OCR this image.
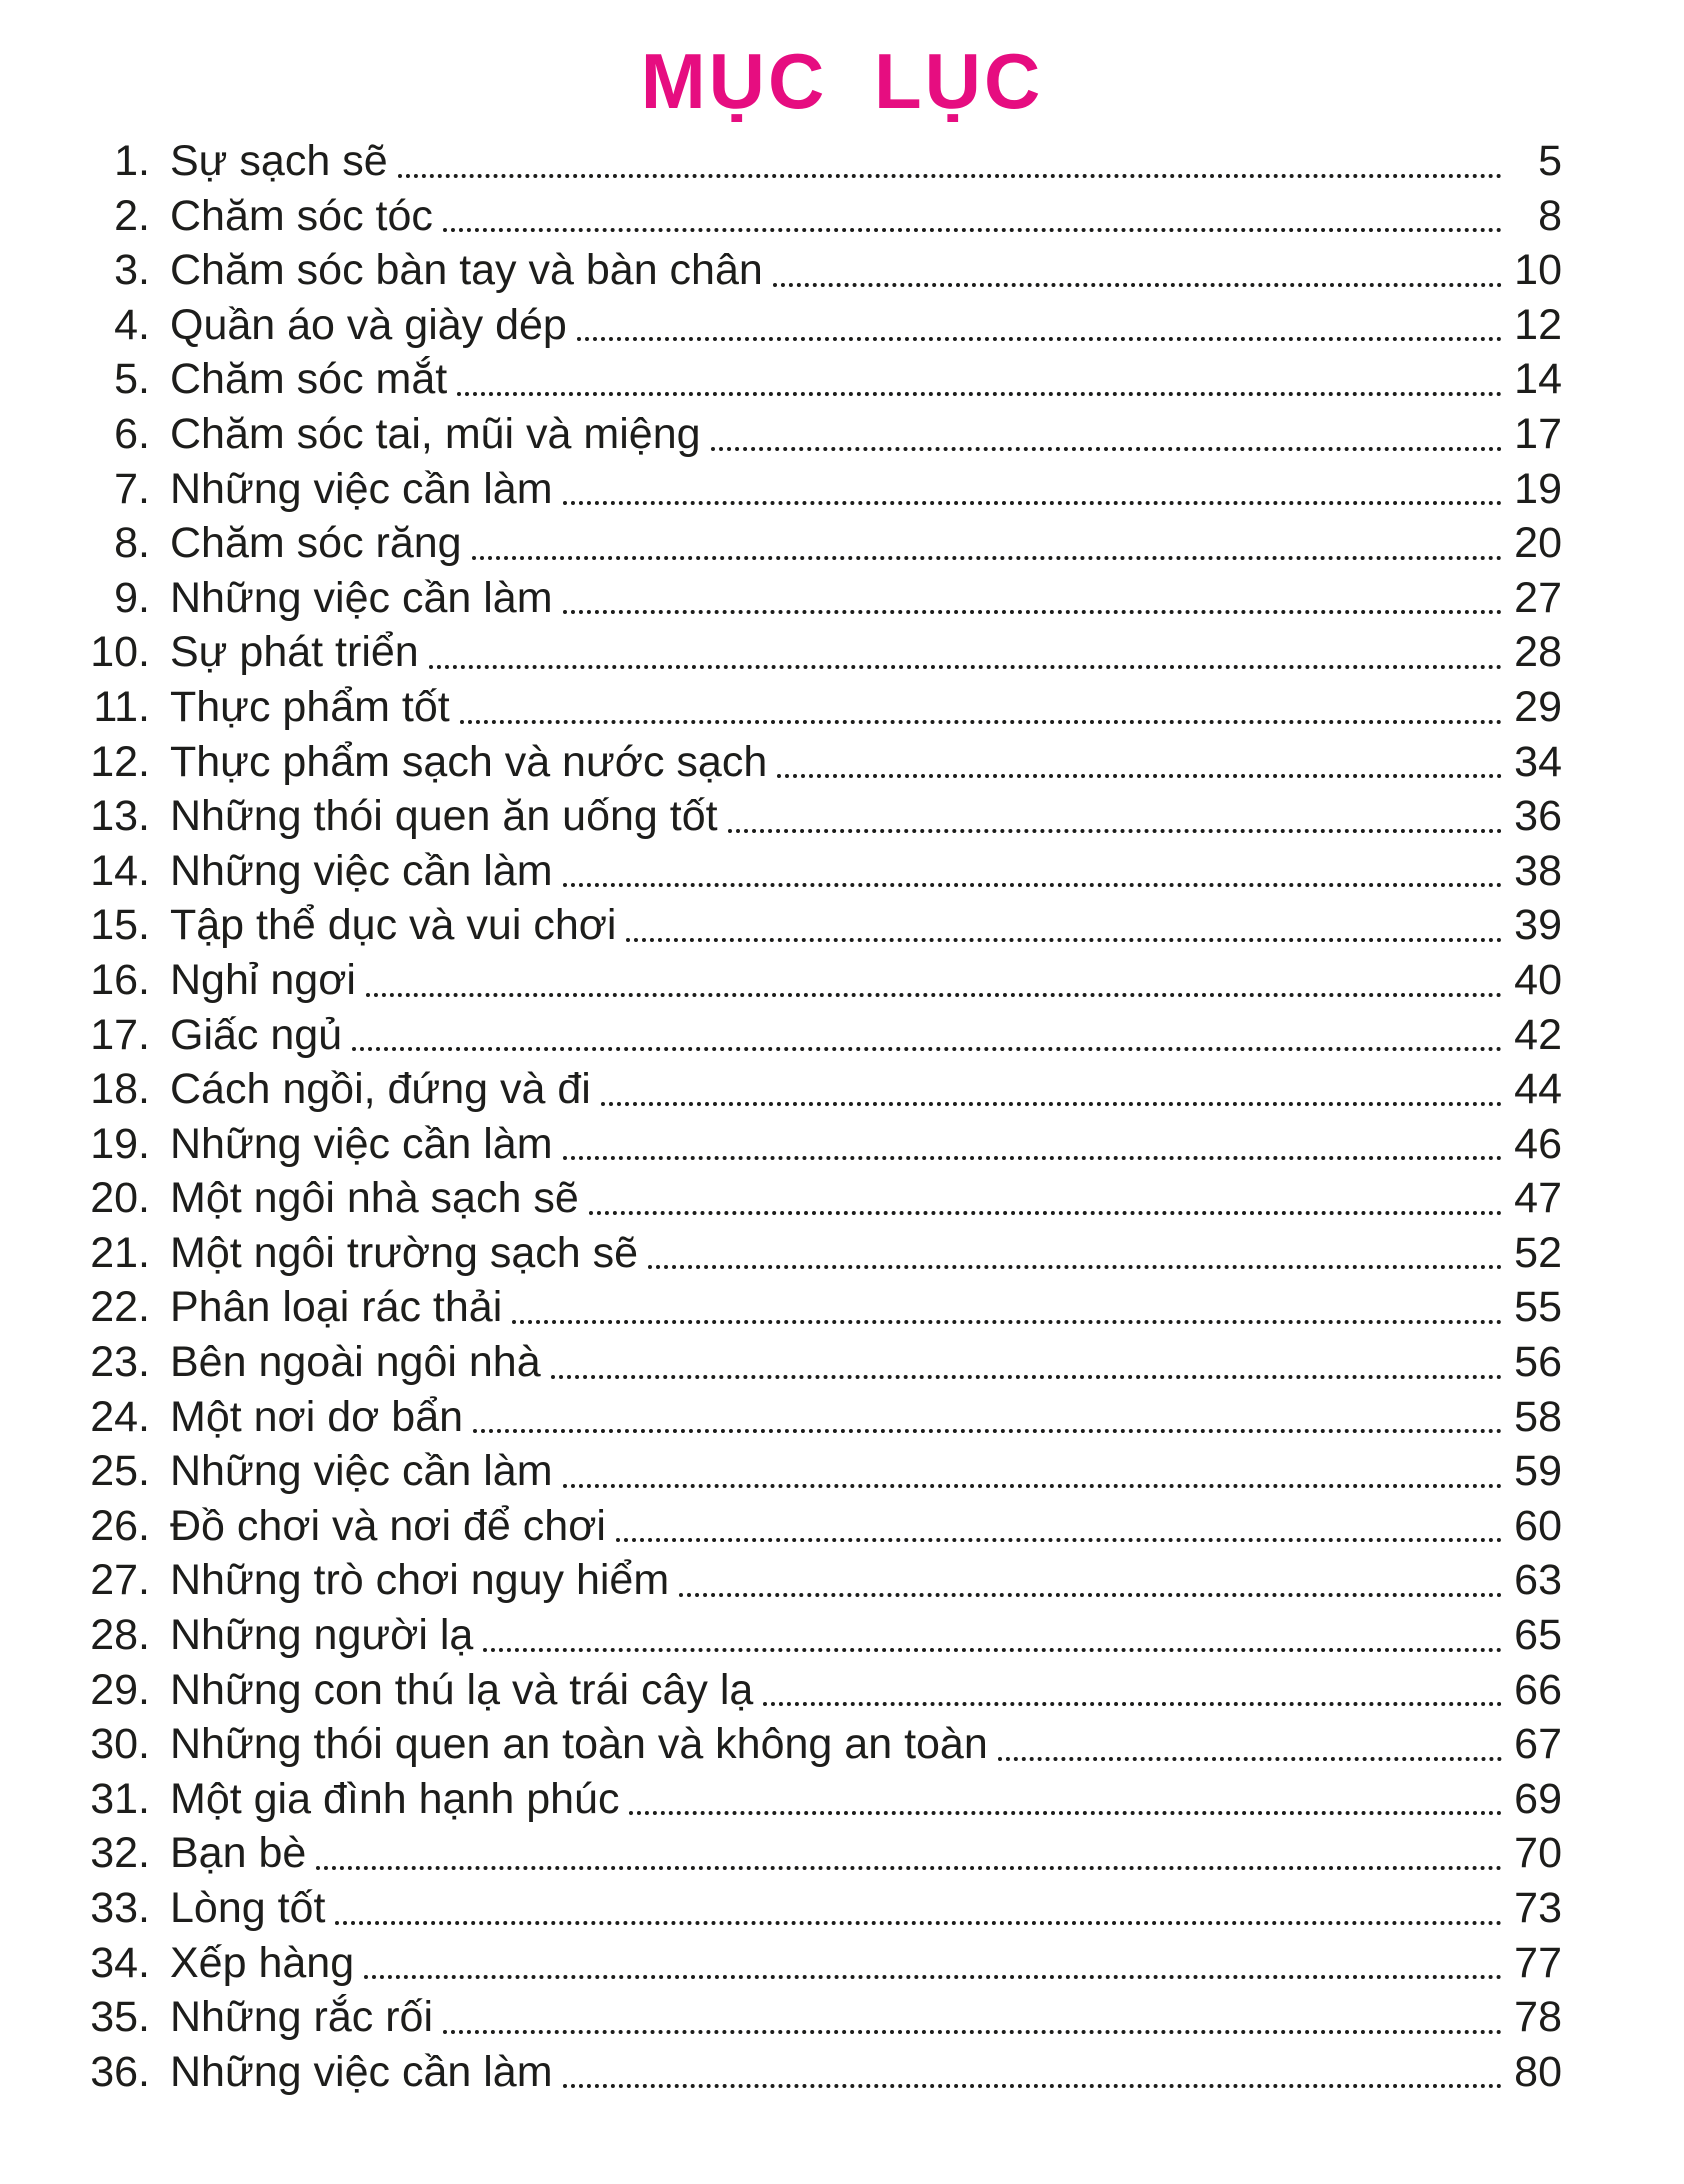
MỤC LỤC
1. Sự sạch sẽ	5
2. Chăm sóc tóc	8
3. Chăm sóc bàn tay và bàn chân	10
4. Quần áo và giày dép	12
5. Chăm sóc mắt	14
6. Chăm sóc tai, mũi và miệng	17
7. Những việc cần làm	19
8. Chăm sóc răng	20
9. Những việc cần làm	27
10. Sự phát triển	28
11. Thực phẩm tốt	29
12. Thực phẩm sạch và nước sạch	34
13. Những thói quen ăn uống tốt	36
14. Những việc cần làm	38
15. Tập thể dục và vui chơi	39
16. Nghỉ ngơi	40
17. Giấc ngủ	42
18. Cách ngồi, đứng và đi	44
19. Những việc cần làm	46
20. Một ngôi nhà sạch sẽ	47
21. Một ngôi trường sạch sẽ	52
22. Phân loại rác thải	55
23. Bên ngoài ngôi nhà	56
24. Một nơi dơ bẩn	58
25. Những việc cần làm	59
26. Đồ chơi và nơi để chơi	60
27. Những trò chơi nguy hiểm	63
28. Những người lạ	65
29. Những con thú lạ và trái cây lạ	66
30. Những thói quen an toàn và không an toàn	67
31. Một gia đình hạnh phúc	69
32. Bạn bè	70
33. Lòng tốt	73
34. Xếp hàng	77
35. Những rắc rối	78
36. Những việc cần làm	80
